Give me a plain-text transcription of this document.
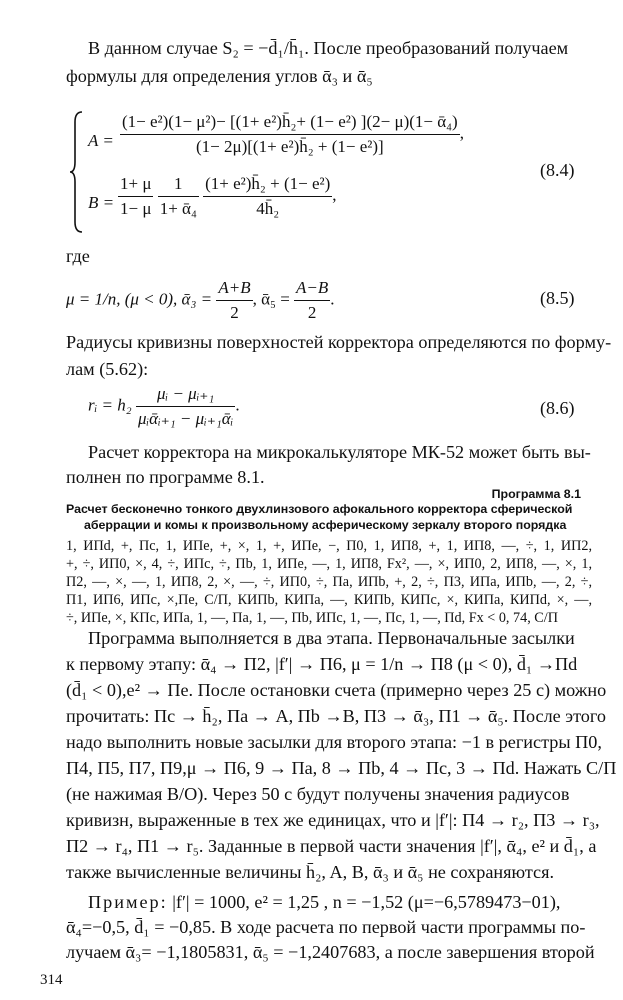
В данном случае S₂ = −d̄₁/h̄₁. После преобразований получаем
формулы для определения углов ᾱ₃ и ᾱ₅
$A = \frac{\text{(1− e²)(1− μ²)− [(1+ e²)h̄₂+ (1− e²) ](2− μ)(1− ᾱ₄)}}{\text{(1− 2μ)[(1+ e²)h̄₂ + (1− e²)]}}$ ,
$B = \frac{1+ \mu}{1- \mu}$
$\frac{1}{\text{1+ ᾱ₄}}$
$\frac{\text{(1+ e²)h̄₂ + (1− e²)}}{\text{4h̄₂}}$ ,
(8.4)
где
μ = 1/n, (μ < 0), ᾱ₃ = $\frac{A+B}{2}$ , ᾱ₅ = $\frac{A-B}{2}$ .	(8.5)
Радиусы кривизны поверхностей корректора определяются по форму-
лам (5.62):
rᵢ = $h_2 \frac{\text{μᵢ − μᵢ₊₁}}{\text{μᵢᾱᵢ₊₁ − μᵢ₊₁ᾱᵢ}}$ .	(8.6)
Расчет корректора на микрокалькуляторе МК-52 может быть вы-
полнен по программе 8.1.
Программа 8.1
Расчет бесконечно тонкого двухлинзового афокального корректора сферической
аберрации и комы к произвольному асферическому зеркалу второго порядка
1, ИПd, +, Пс, 1, ИПе, +, ×, 1, +, ИПе, −, П0, 1, ИП8, +, 1, ИП8, —, ÷, 1, ИП2,
+, ÷, ИП0, ×, 4, ÷, ИПс, ÷, Пb, 1, ИПе, —, 1, ИП8, Fx², —, ×, ИП0, 2, ИП8, —, ×, 1,
П2, —, ×, —, 1, ИП8, 2, ×, —, ÷, ИП0, ÷, Па, ИПb, +, 2, ÷, П3, ИПа, ИПb, —, 2, ÷,
П1, ИП6, ИПс, ×,Пе, С/П, КИПb, КИПа, —, КИПb, КИПс, ×, КИПа, КИПd, ×, —,
÷, ИПе, ×, КПс, ИПа, 1, —, Па, 1, —, Пb, ИПс, 1, —, Пс, 1, —, Пd, Fx < 0, 74, С/П
Программа выполняется в два этапа. Первоначальные засылки
к первому этапу: ᾱ₄ → П2, |f′| → П6, μ = 1/n → П8 (μ < 0), d̄₁ →Пd
(d̄₁ < 0),e² → Пе. После остановки счета (примерно через 25 с) можно
прочитать: Пс → h̄₂, Па → A, Пb →B, П3 → ᾱ₃, П1 → ᾱ₅. После этого
надо выполнить новые засылки для второго этапа: −1 в регистры П0,
П4, П5, П7, П9,μ → П6, 9 → Па, 8 → Пb, 4 → Пс, 3 → Пd. Нажать С/П
(не нажимая В/О). Через 50 с будут получены значения радиусов
кривизн, выраженные в тех же единицах, что и |f′|: П4 → r₂, П3 → r₃,
П2 → r₄, П1 → r₅. Заданные в первой части значения |f′|, ᾱ₄, e² и d̄₁, а
также вычисленные величины h̄₂, A, B, ᾱ₃ и ᾱ₅ не сохраняются.
Пример: |f′| = 1000, e² = 1,25 , n = −1,52 (μ=−6,5789473−01),
ᾱ₄=−0,5, d̄₁ = −0,85. В ходе расчета по первой части программы по-
314
лучаем ᾱ₃= −1,1805831, ᾱ₅ = −1,2407683, а после завершения второй
